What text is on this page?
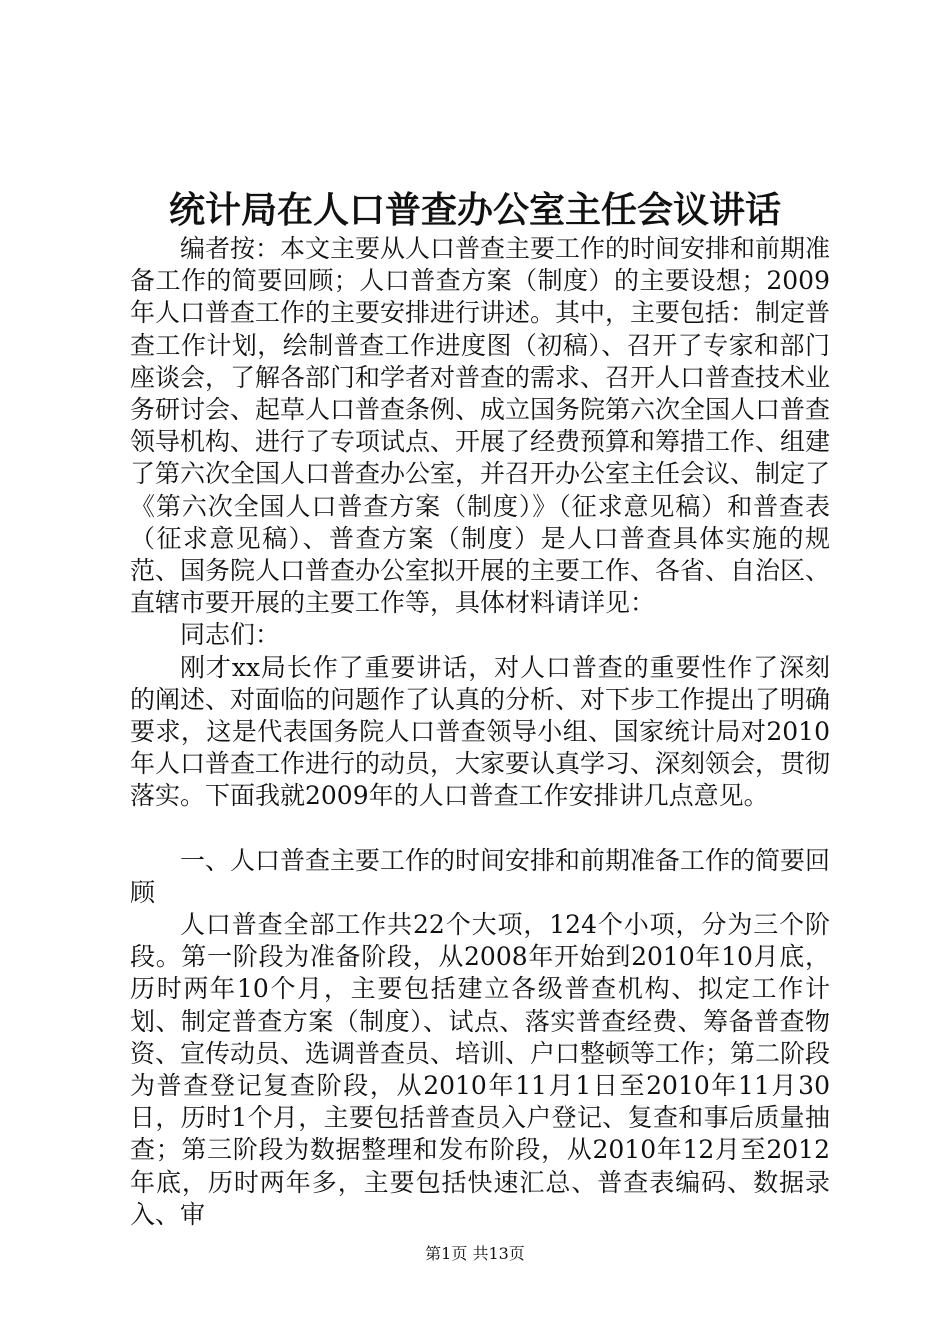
统计局在人口普查办公室主任会议讲话

编者按：本文主要从人口普查主要工作的时间安排和前期准备工作的简要回顾；人口普查方案（制度）的主要设想；2009年人口普查工作的主要安排进行讲述。其中，主要包括：制定普查工作计划，绘制普查工作进度图（初稿）、召开了专家和部门座谈会，了解各部门和学者对普查的需求、召开人口普查技术业务研讨会、起草人口普查条例、成立国务院第六次全国人口普查领导机构、进行了专项试点、开展了经费预算和筹措工作、组建了第六次全国人口普查办公室，并召开办公室主任会议、制定了《第六次全国人口普查方案（制度）》（征求意见稿）和普查表（征求意见稿）、普查方案（制度）是人口普查具体实施的规范、国务院人口普查办公室拟开展的主要工作、各省、自治区、直辖市要开展的主要工作等，具体材料请详见：

同志们：

刚才xx局长作了重要讲话，对人口普查的重要性作了深刻的阐述、对面临的问题作了认真的分析、对下步工作提出了明确要求，这是代表国务院人口普查领导小组、国家统计局对2010年人口普查工作进行的动员，大家要认真学习、深刻领会，贯彻落实。下面我就2009年的人口普查工作安排讲几点意见。

一、人口普查主要工作的时间安排和前期准备工作的简要回顾

人口普查全部工作共22个大项，124个小项，分为三个阶段。第一阶段为准备阶段，从2008年开始到2010年10月底，历时两年10个月，主要包括建立各级普查机构、拟定工作计划、制定普查方案（制度）、试点、落实普查经费、筹备普查物资、宣传动员、选调普查员、培训、户口整顿等工作；第二阶段为普查登记复查阶段，从2010年11月1日至2010年11月30日，历时1个月，主要包括普查员入户登记、复查和事后质量抽查；第三阶段为数据整理和发布阶段，从2010年12月至2012年底，历时两年多，主要包括快速汇总、普查表编码、数据录入、审

第1页 共13页
